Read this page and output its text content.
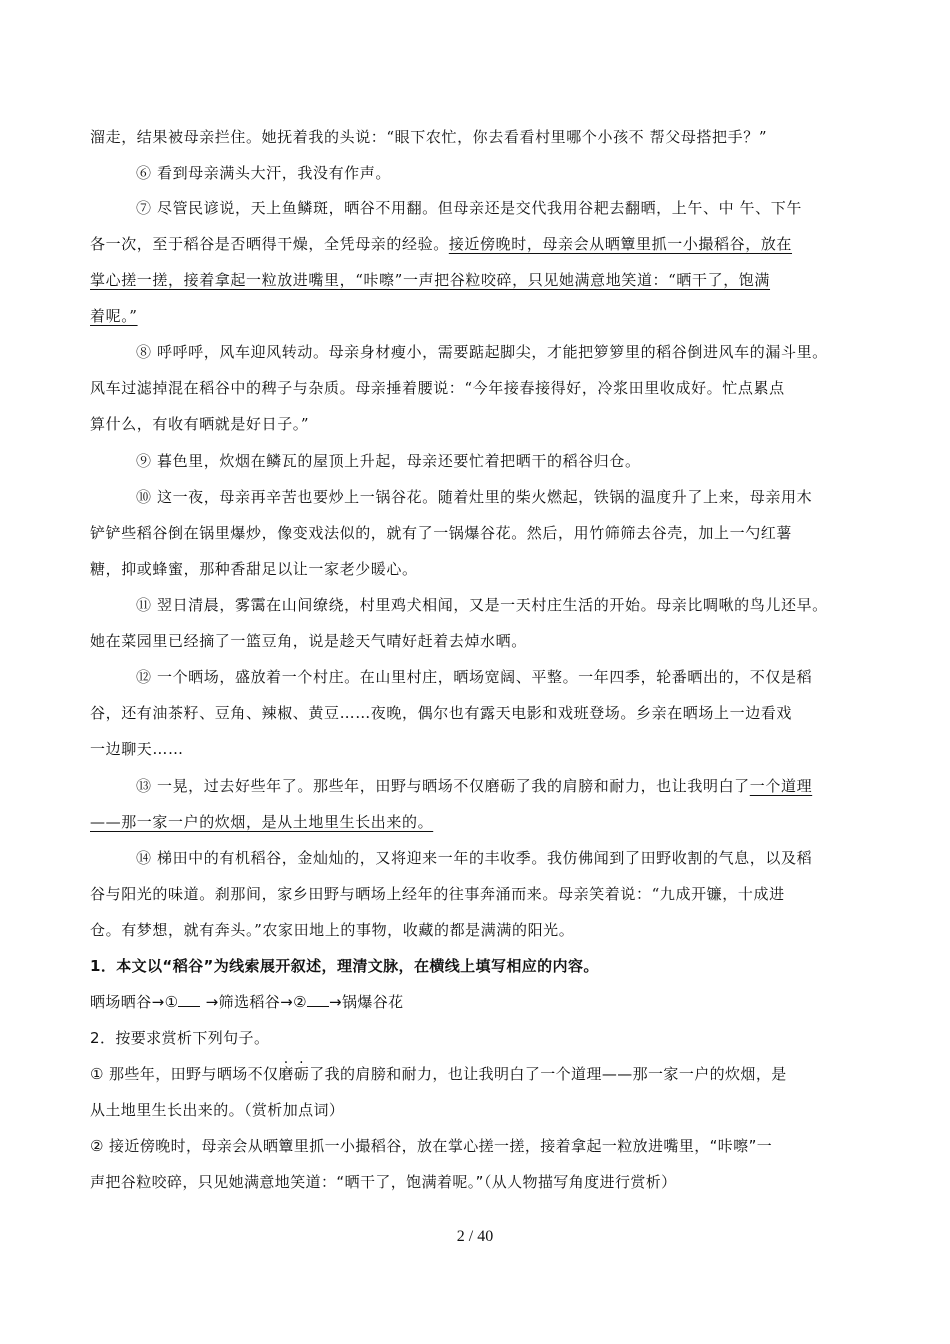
溜走，结果被母亲拦住。她抚着我的头说：“眼下农忙，你去看看村里哪个小孩不 帮父母搭把手？”
⑥ 看到母亲满头大汗，我没有作声。
⑦ 尽管民谚说，天上鱼鳞斑，晒谷不用翻。但母亲还是交代我用谷耙去翻晒，上午、中 午、下午
各一次，至于稻谷是否晒得干燥，全凭母亲的经验。接近傍晚时，母亲会从晒簟里抓一小撮稻谷，放在
掌心搓一搓，接着拿起一粒放进嘴里，“咔嚓”一声把谷粒咬碎，只见她满意地笑道：“晒干了，饱满
着呢。”
⑧ 呼呼呼，风车迎风转动。母亲身材瘦小，需要踮起脚尖，才能把箩箩里的稻谷倒进风车的漏斗里。
风车过滤掉混在稻谷中的稗子与杂质。母亲捶着腰说：“今年接春接得好，冷浆田里收成好。忙点累点
算什么，有收有晒就是好日子。”
⑨ 暮色里，炊烟在鳞瓦的屋顶上升起，母亲还要忙着把晒干的稻谷归仓。
⑩ 这一夜，母亲再辛苦也要炒上一锅谷花。随着灶里的柴火燃起，铁锅的温度升了上来，母亲用木
铲铲些稻谷倒在锅里爆炒，像变戏法似的，就有了一锅爆谷花。然后，用竹筛筛去谷壳，加上一勺红薯
糖，抑或蜂蜜，那种香甜足以让一家老少暖心。
⑪ 翌日清晨，雾霭在山间缭绕，村里鸡犬相闻，又是一天村庄生活的开始。母亲比啁啾的鸟儿还早。
她在菜园里已经摘了一篮豆角，说是趁天气晴好赶着去焯水晒。
⑫ 一个晒场，盛放着一个村庄。在山里村庄，晒场宽阔、平整。一年四季，轮番晒出的，不仅是稻
谷，还有油茶籽、豆角、辣椒、黄豆……夜晚，偶尔也有露天电影和戏班登场。乡亲在晒场上一边看戏
一边聊天……
⑬ 一晃，过去好些年了。那些年，田野与晒场不仅磨砺了我的肩膀和耐力，也让我明白了一个道理
——那一家一户的炊烟，是从土地里生长出来的。
⑭ 梯田中的有机稻谷，金灿灿的，又将迎来一年的丰收季。我仿佛闻到了田野收割的气息，以及稻
谷与阳光的味道。刹那间，家乡田野与晒场上经年的往事奔涌而来。母亲笑着说：“九成开镰，十成进
仓。有梦想，就有奔头。”农家田地上的事物，收藏的都是满满的阳光。
1．本文以“稻谷”为线索展开叙述，理清文脉，在横线上填写相应的内容。
晒场晒谷→① →筛选稻谷→② →锅爆谷花
2．按要求赏析下列句子。
① 那些年，田野与晒场不仅磨砺了我的肩膀和耐力，也让我明白了一个道理——那一家一户的炊烟，是
从土地里生长出来的。（赏析加点词）
② 接近傍晚时，母亲会从晒簟里抓一小撮稻谷，放在掌心搓一搓，接着拿起一粒放进嘴里，“咔嚓”一
声把谷粒咬碎，只见她满意地笑道：“晒干了，饱满着呢。”（从人物描写角度进行赏析）
2 / 40
